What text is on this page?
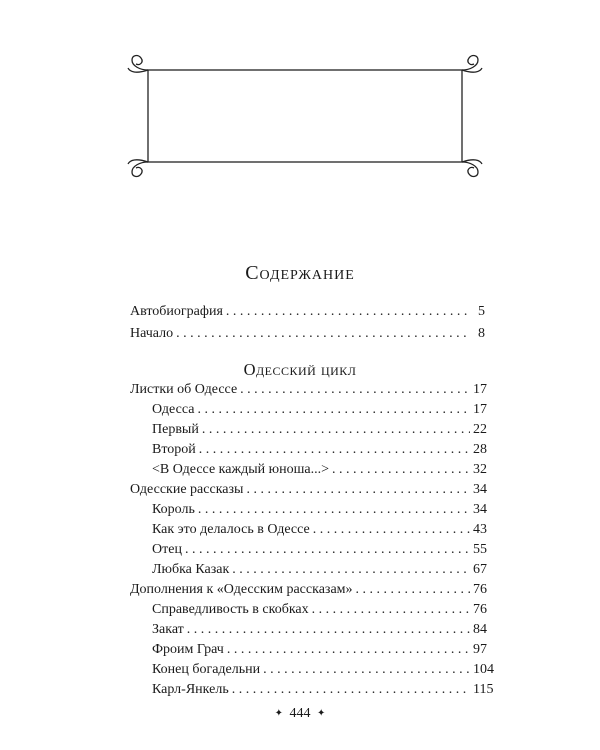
Содержание
Автобиография . . .	5
Начало . . .	8
Одесский цикл
Листки об Одессе . . .	17
Одесса . . .	17
Первый . . .	22
Второй . . .	28
<В Одессе каждый юноша...> . . .	32
Одесские рассказы . . .	34
Король . . .	34
Как это делалось в Одессе . . .	43
Отец . . .	55
Любка Казак . . .	67
Дополнения к «Одесским рассказам» . . .	76
Справедливость в скобках . . .	76
Закат . . .	84
Фроим Грач . . .	97
Конец богадельни . . .	104
Карл-Янкель . . .	115
✦ 444 ✦
